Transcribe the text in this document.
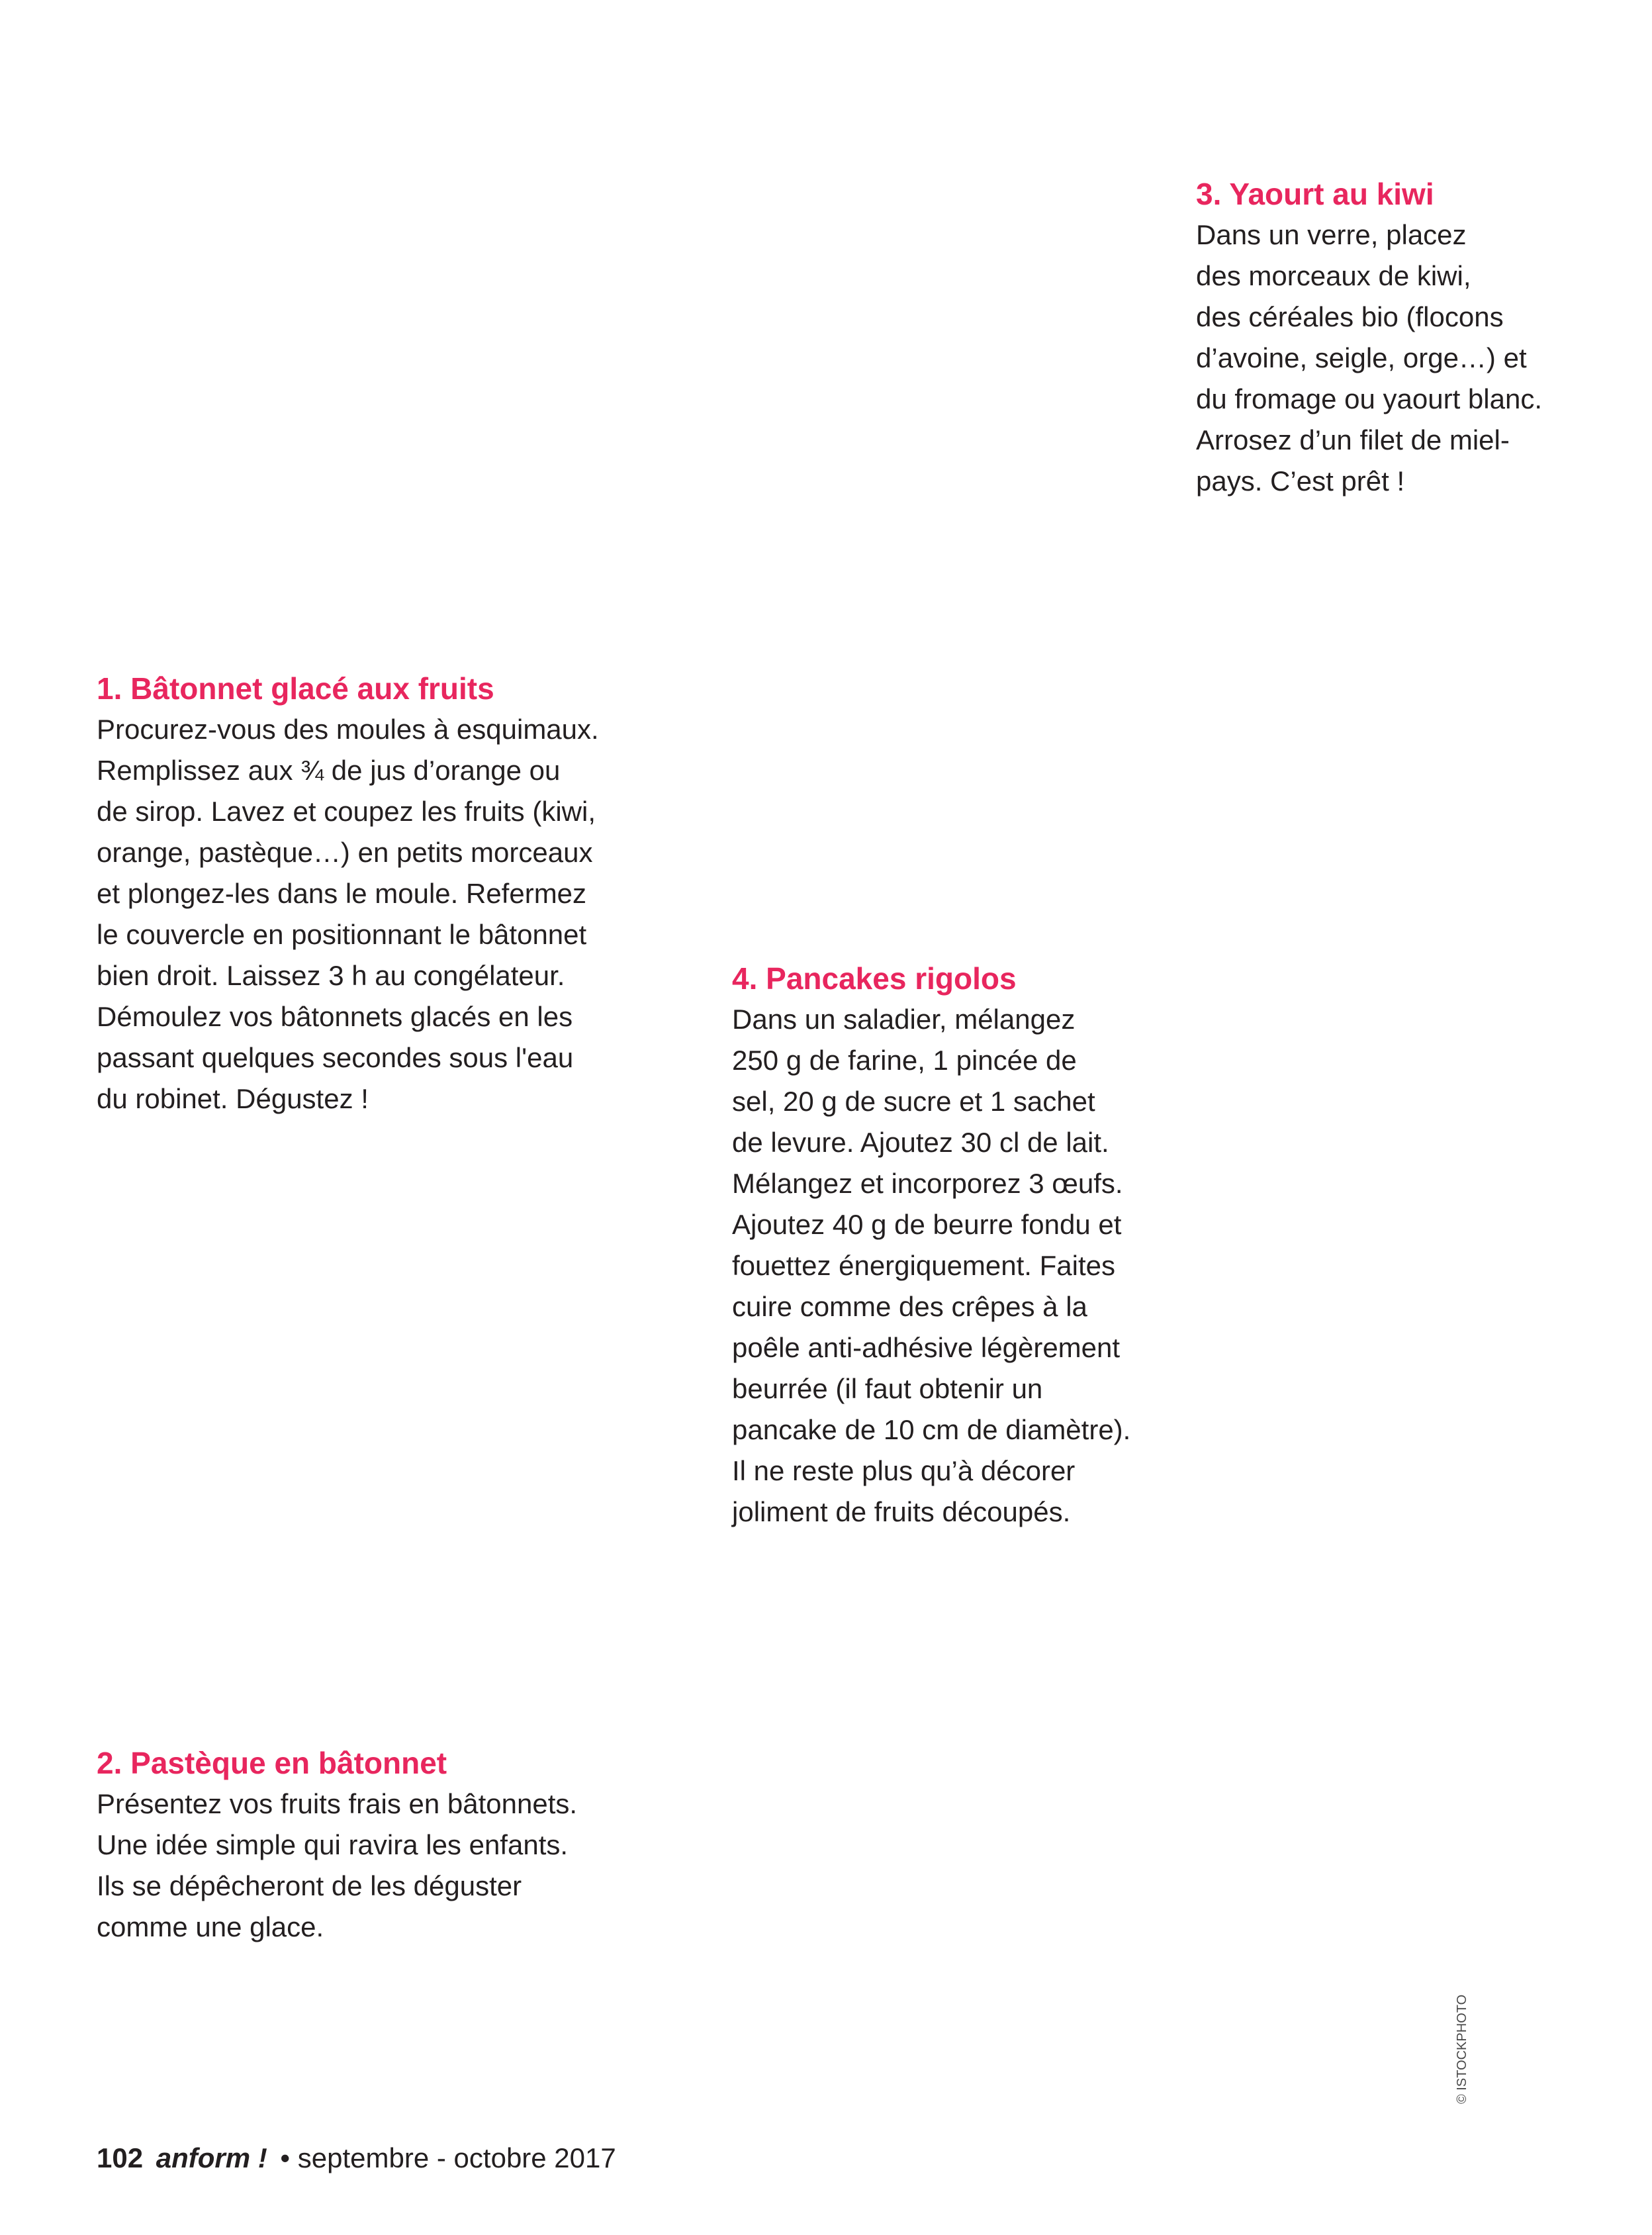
1. Bâtonnet glacé aux fruits
Procurez-vous des moules à esquimaux.
Remplissez aux ¾ de jus d’orange ou
de sirop. Lavez et coupez les fruits (kiwi,
orange, pastèque…) en petits morceaux
et plongez-les dans le moule. Refermez
le couvercle en positionnant le bâtonnet
bien droit. Laissez 3 h au congélateur.
Démoulez vos bâtonnets glacés en les
passant quelques secondes sous l'eau
du robinet. Dégustez !
2. Pastèque en bâtonnet
Présentez vos fruits frais en bâtonnets.
Une idée simple qui ravira les enfants.
Ils se dépêcheront de les déguster
comme une glace.
3. Yaourt au kiwi
Dans un verre, placez
des morceaux de kiwi,
des céréales bio (flocons
d’avoine, seigle, orge…) et
du fromage ou yaourt blanc.
Arrosez d’un filet de miel-
pays. C’est prêt !
4. Pancakes rigolos
Dans un saladier, mélangez
250 g de farine, 1 pincée de
sel, 20 g de sucre et 1 sachet
de levure. Ajoutez 30 cl de lait.
Mélangez et incorporez 3 œufs.
Ajoutez 40 g de beurre fondu et
fouettez énergiquement. Faites
cuire comme des crêpes à la
poêle anti-adhésive légèrement
beurrée (il faut obtenir un
pancake de 10 cm de diamètre).
Il ne reste plus qu’à décorer
joliment de fruits découpés.
© ISTOCKPHOTO
102 anform ! • septembre - octobre 2017
